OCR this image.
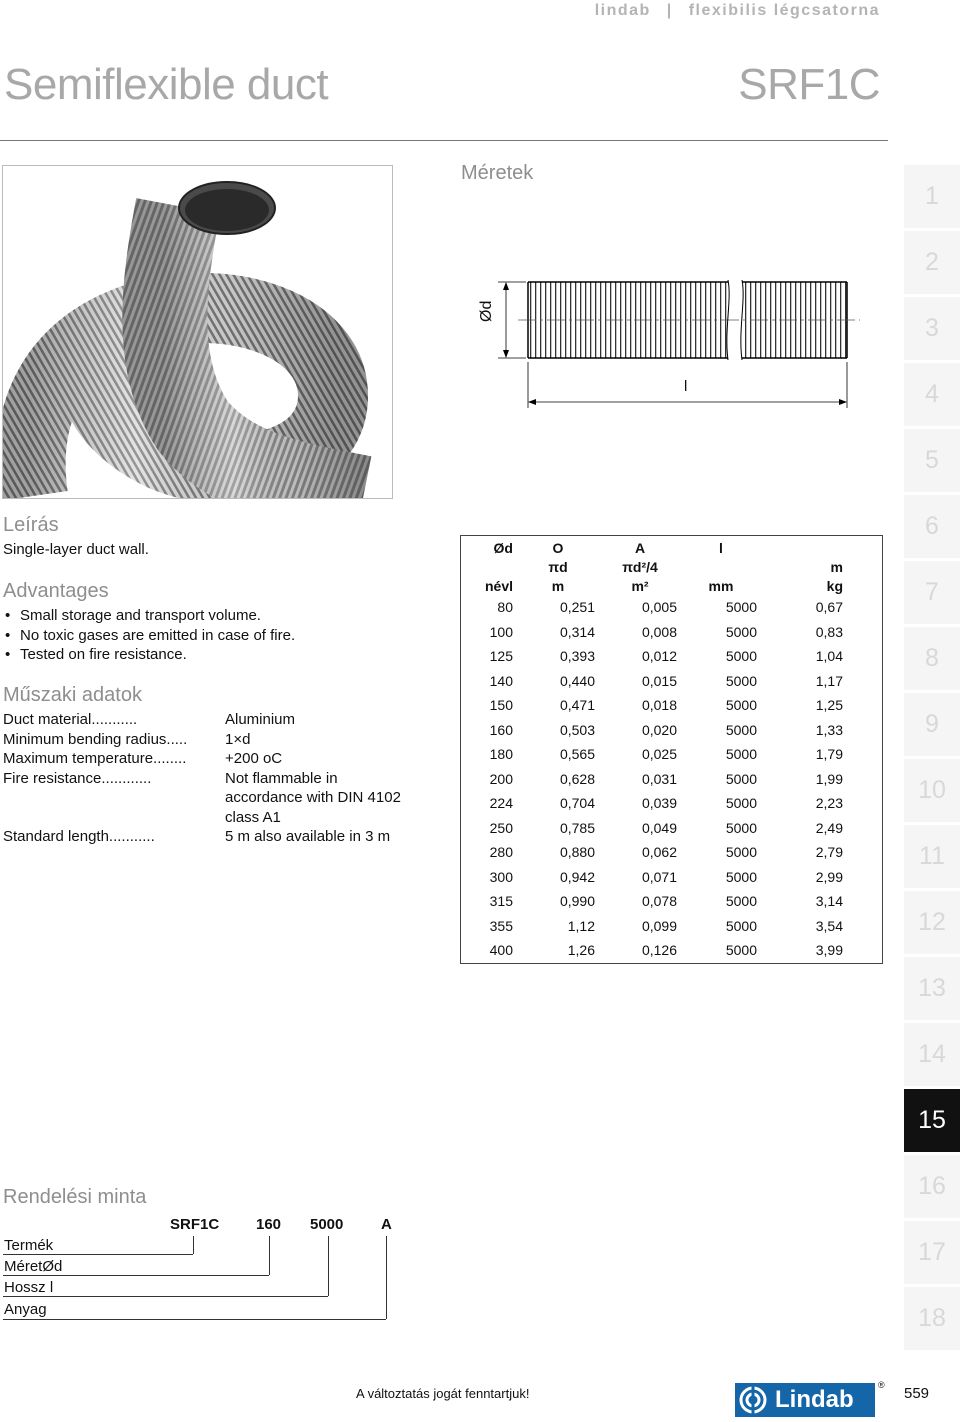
lindab | flexibilis légcsatorna
Semiflexible duct	SRF1C
Méretek
Ød
l
Leírás
Single-layer duct wall.
Advantages
• Small storage and transport volume.
• No toxic gases are emitted in case of fire.
• Tested on fire resistance.
Műszaki adatok
Duct material...........	Aluminium
Minimum bending radius.....	1×d
Maximum temperature........	+200 oC
Fire resistance............	Not flammable in accordance with DIN 4102 class A1
Standard length...........	5 m also available in 3 m
Ød	O	A	l	
	πd	πd²/4		m
névl	m	m²	mm	kg
80	0,251	0,005	5000	0,67
100	0,314	0,008	5000	0,83
125	0,393	0,012	5000	1,04
140	0,440	0,015	5000	1,17
150	0,471	0,018	5000	1,25
160	0,503	0,020	5000	1,33
180	0,565	0,025	5000	1,79
200	0,628	0,031	5000	1,99
224	0,704	0,039	5000	2,23
250	0,785	0,049	5000	2,49
280	0,880	0,062	5000	2,79
300	0,942	0,071	5000	2,99
315	0,990	0,078	5000	3,14
355	1,12	0,099	5000	3,54
400	1,26	0,126	5000	3,99
Rendelési minta
SRF1C 160 5000	A
Termék
MéretØd
Hossz l
Anyag
1
2
3
4
5
6
7
8
9
10
11
12
13
14
15
16
17
18
A változtatás jogát fenntartjuk!	Lindab
® 559
